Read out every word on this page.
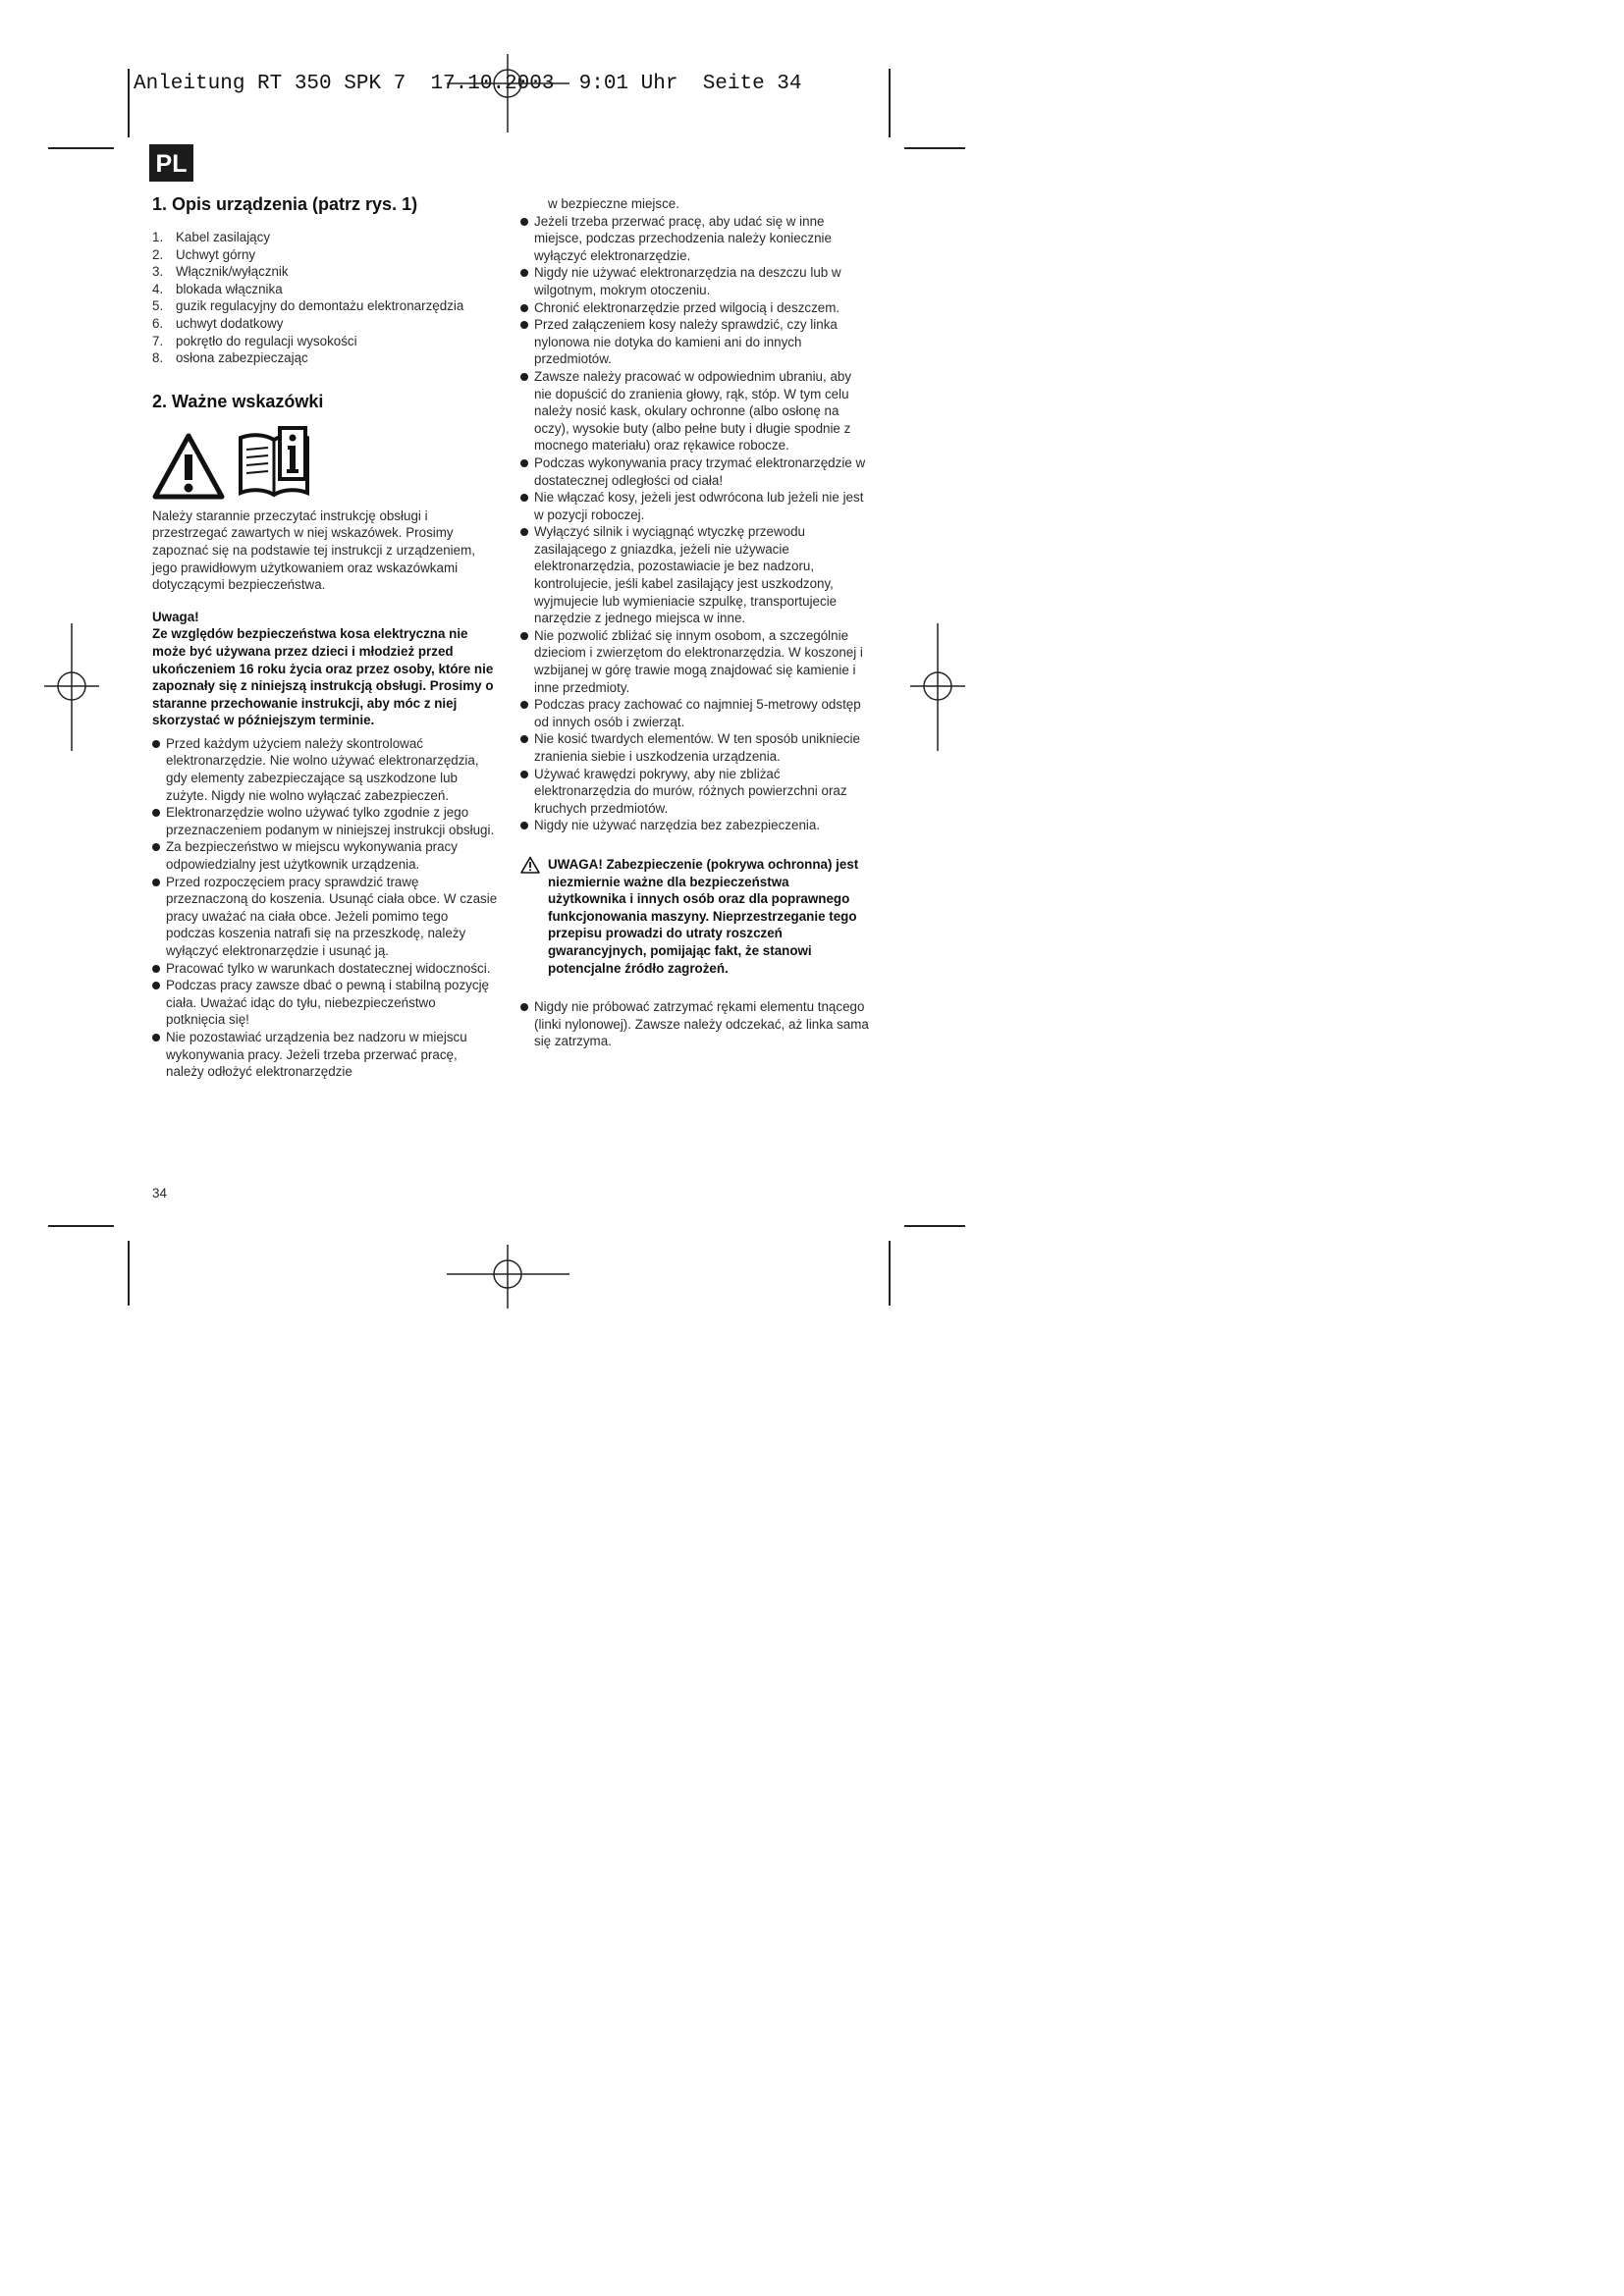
Anleitung RT 350 SPK 7  17.10.2003  9:01 Uhr  Seite 34
PL
1. Opis urządzenia (patrz rys. 1)
1. Kabel zasilający
2. Uchwyt górny
3. Włącznik/wyłącznik
4. blokada włącznika
5. guzik regulacyjny do demontażu elektronarzędzia
6. uchwyt dodatkowy
7. pokrętło do regulacji wysokości
8. osłona zabezpieczając
2. Ważne wskazówki

Należy starannie przeczytać instrukcję obsługi i przestrzegać zawartych w niej wskazówek. Prosimy zapoznać się na podstawie tej instrukcji z urządzeniem, jego prawidłowym użytkowaniem oraz wskazówkami dotyczącymi bezpieczeństwa.

Uwaga!
Ze względów bezpieczeństwa kosa elektryczna nie może być używana przez dzieci i młodzież przed ukończeniem 16 roku życia oraz przez osoby, które nie zapoznały się z niniejszą instrukcją obsługi. Prosimy o staranne przechowanie instrukcji, aby móc z niej skorzystać w późniejszym terminie.
Przed każdym użyciem należy skontrolować elektronarzędzie. Nie wolno używać elektronarzędzia, gdy elementy zabezpieczające są uszkodzone lub zużyte. Nigdy nie wolno wyłączać zabezpieczeń.
Elektronarzędzie wolno używać tylko zgodnie z jego przeznaczeniem podanym w niniejszej instrukcji obsługi.
Za bezpieczeństwo w miejscu wykonywania pracy odpowiedzialny jest użytkownik urządzenia.
Przed rozpoczęciem pracy sprawdzić trawę przeznaczoną do koszenia. Usunąć ciała obce. W czasie pracy uważać na ciała obce. Jeżeli pomimo tego podczas koszenia natrafi się na przeszkodę, należy wyłączyć elektronarzędzie i usunąć ją.
Pracować tylko w warunkach dostatecznej widoczności.
Podczas pracy zawsze dbać o pewną i stabilną pozycję ciała. Uważać idąc do tyłu, niebezpieczeństwo potknięcia się!
Nie pozostawiać urządzenia bez nadzoru w miejscu wykonywania pracy. Jeżeli trzeba przerwać pracę, należy odłożyć elektronarzędzie
w bezpieczne miejsce.
Jeżeli trzeba przerwać pracę, aby udać się w inne miejsce, podczas przechodzenia należy koniecznie wyłączyć elektronarzędzie.
Nigdy nie używać elektronarzędzia na deszczu lub w wilgotnym, mokrym otoczeniu.
Chronić elektronarzędzie przed wilgocią i deszczem.
Przed załączeniem kosy należy sprawdzić, czy linka nylonowa nie dotyka do kamieni ani do innych przedmiotów.
Zawsze należy pracować w odpowiednim ubraniu, aby nie dopuścić do zranienia głowy, rąk, stóp. W tym celu należy nosić kask, okulary ochronne (albo osłonę na oczy), wysokie buty (albo pełne buty i długie spodnie z mocnego materiału) oraz rękawice robocze.
Podczas wykonywania pracy trzymać elektronarzędzie w dostatecznej odległości od ciała!
Nie włączać kosy, jeżeli jest odwrócona lub jeżeli nie jest w pozycji roboczej.
Wyłączyć silnik i wyciągnąć wtyczkę przewodu zasilającego z gniazdka, jeżeli nie używacie elektronarzędzia, pozostawiacie je bez nadzoru, kontrolujecie, jeśli kabel zasilający jest uszkodzony, wyjmujecie lub wymieniacie szpulkę, transportujecie narzędzie z jednego miejsca w inne.
Nie pozwolić zbliżać się innym osobom, a szczególnie dzieciom i zwierzętom do elektronarzędzia. W koszonej i wzbijanej w górę trawie mogą znajdować się kamienie i inne przedmioty.
Podczas pracy zachować co najmniej 5-metrowy odstęp od innych osób i zwierząt.
Nie kosić twardych elementów. W ten sposób unikniecie zranienia siebie i uszkodzenia urządzenia.
Używać krawędzi pokrywy, aby nie zbliżać elektronarzędzia do murów, różnych powierzchni oraz kruchych przedmiotów.
Nigdy nie używać narzędzia bez zabezpieczenia.
UWAGA! Zabezpieczenie (pokrywa ochronna) jest niezmiernie ważne dla bezpieczeństwa użytkownika i innych osób oraz dla poprawnego funkcjonowania maszyny. Nieprzestrzeganie tego przepisu prowadzi do utraty roszczeń gwarancyjnych, pomijając fakt, że stanowi potencjalne źródło zagrożeń.
Nigdy nie próbować zatrzymać rękami elementu tnącego (linki nylonowej). Zawsze należy odczekać, aż linka sama się zatrzyma.
34
